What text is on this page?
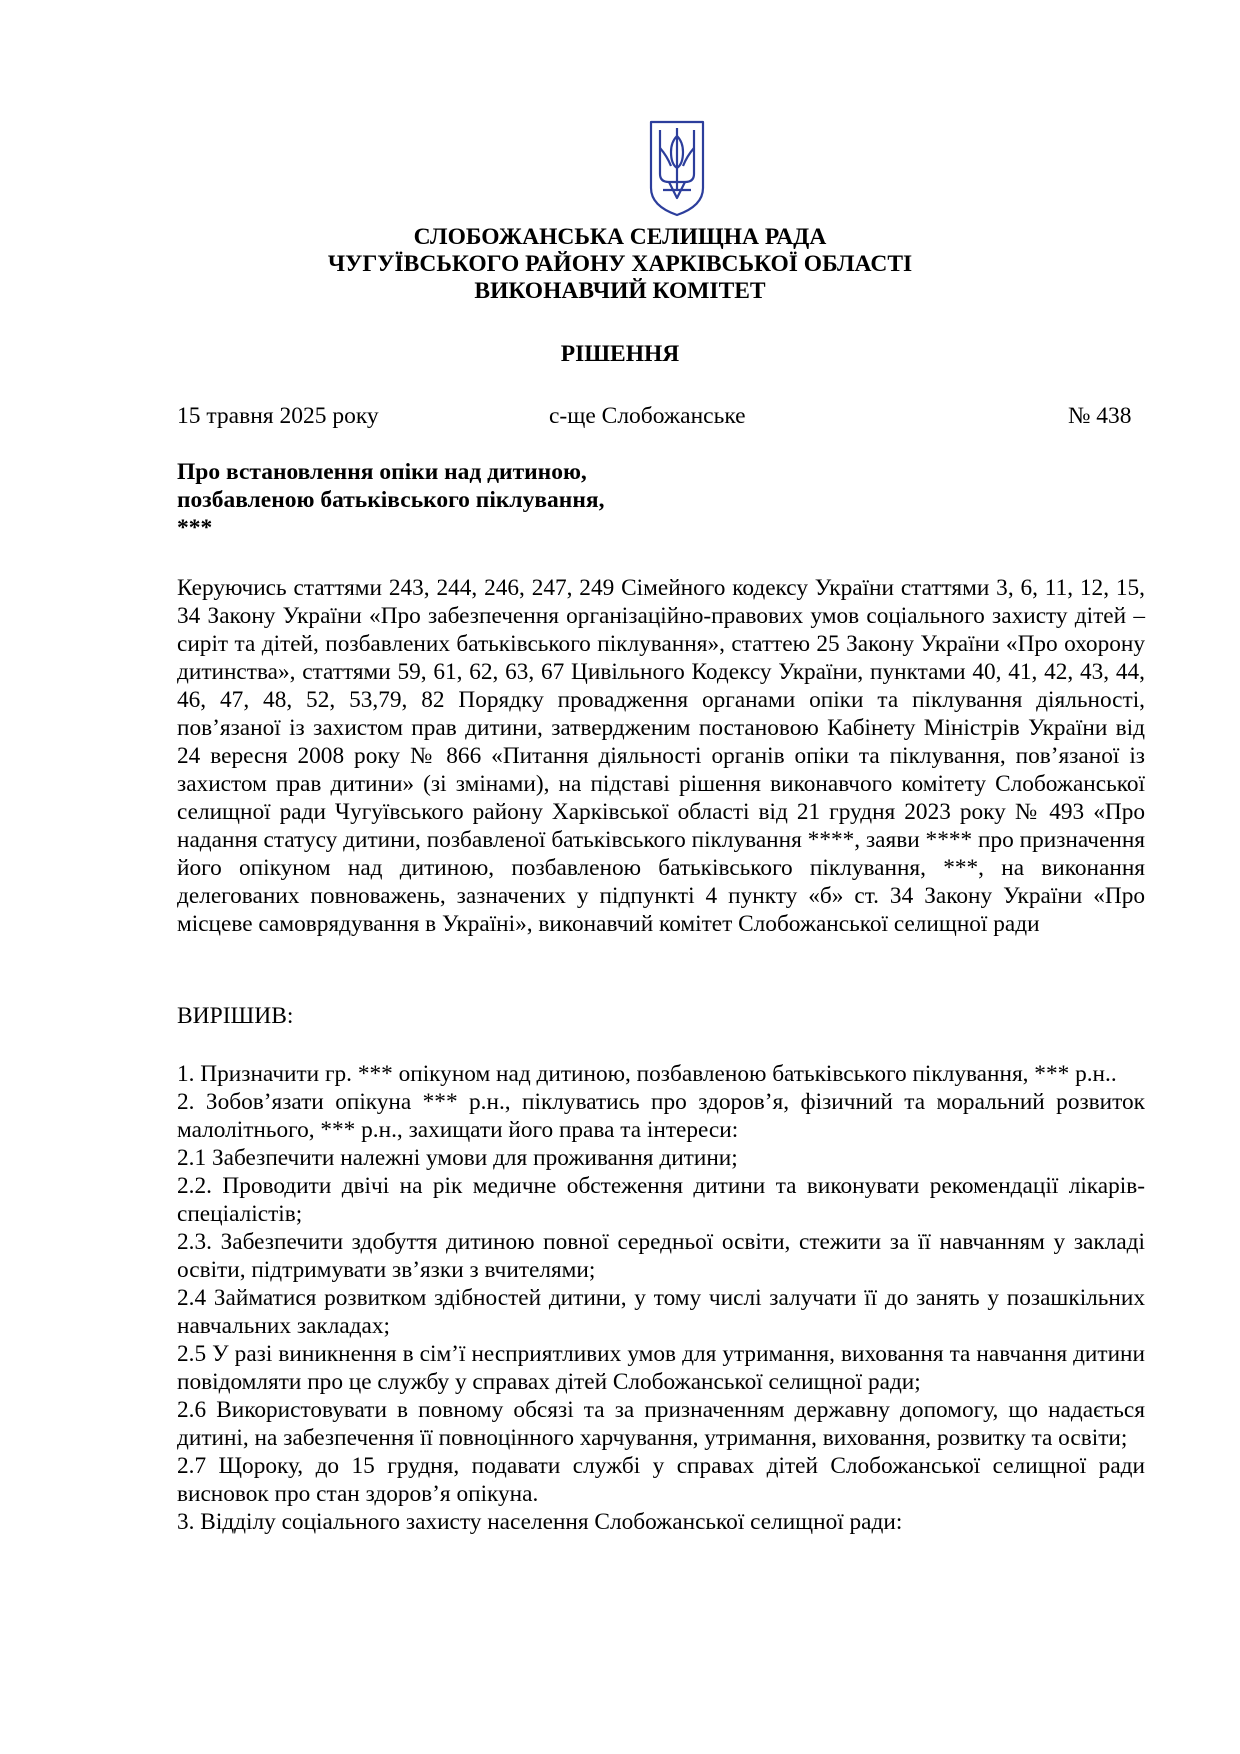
СЛОБОЖАНСЬКА СЕЛИЩНА РАДА
ЧУГУЇВСЬКОГО РАЙОНУ ХАРКІВСЬКОЇ ОБЛАСТІ
ВИКОНАВЧИЙ КОМІТЕТ
РІШЕННЯ
15 травня 2025 року	с-ще Слобожанське	№ 438
Про встановлення опіки над дитиною,
позбавленою батьківського піклування,
***

Керуючись статтями 243, 244, 246, 247, 249 Сімейного кодексу України статтями 3, 6, 11, 12, 15, 34 Закону України «Про забезпечення організаційно-правових умов соціального захисту дітей – сиріт та дітей, позбавлених батьківського піклування», статтею 25 Закону України «Про охорону дитинства», статтями 59, 61, 62, 63, 67 Цивільного Кодексу України, пунктами 40, 41, 42, 43, 44, 46, 47, 48, 52, 53,79, 82 Порядку провадження органами опіки та піклування діяльності, пов’язаної із захистом прав дитини, затвердженим постановою Кабінету Міністрів України від 24 вересня 2008 року № 866 «Питання діяльності органів опіки та піклування, пов’язаної із захистом прав дитини» (зі змінами), на підставі рішення виконавчого комітету Слобожанської селищної ради Чугуївського району Харківської області від 21 грудня 2023 року № 493 «Про надання статусу дитини, позбавленої батьківського піклування ****, заяви **** про призначення його опікуном над дитиною, позбавленою батьківського піклування, ***, на виконання делегованих повноважень, зазначених у підпункті 4 пункту «б» ст. 34 Закону України «Про місцеве самоврядування в Україні», виконавчий комітет Слобожанської селищної ради

ВИРІШИВ:

1. Призначити гр. *** опікуном над дитиною, позбавленою батьківського піклування, *** р.н..

2. Зобов’язати опікуна *** р.н., піклуватись про здоров’я, фізичний та моральний розвиток малолітнього, *** р.н., захищати його права та інтереси:

2.1 Забезпечити належні умови для проживання дитини;

2.2. Проводити двічі на рік медичне обстеження дитини та виконувати рекомендації лікарів-спеціалістів;

2.3. Забезпечити здобуття дитиною повної середньої освіти, стежити за її навчанням у закладі освіти, підтримувати зв’язки з вчителями;

2.4 Займатися розвитком здібностей дитини, у тому числі залучати її до занять у позашкільних навчальних закладах;

2.5 У разі виникнення в сім’ї несприятливих умов для утримання, виховання та навчання дитини повідомляти про це службу у справах дітей Слобожанської селищної ради;

2.6 Використовувати в повному обсязі та за призначенням державну допомогу, що надається дитині, на забезпечення її повноцінного харчування, утримання, виховання, розвитку та освіти;

2.7 Щороку, до 15 грудня, подавати службі у справах дітей Слобожанської селищної ради висновок про стан здоров’я опікуна.

3. Відділу соціального захисту населення Слобожанської селищної ради:
